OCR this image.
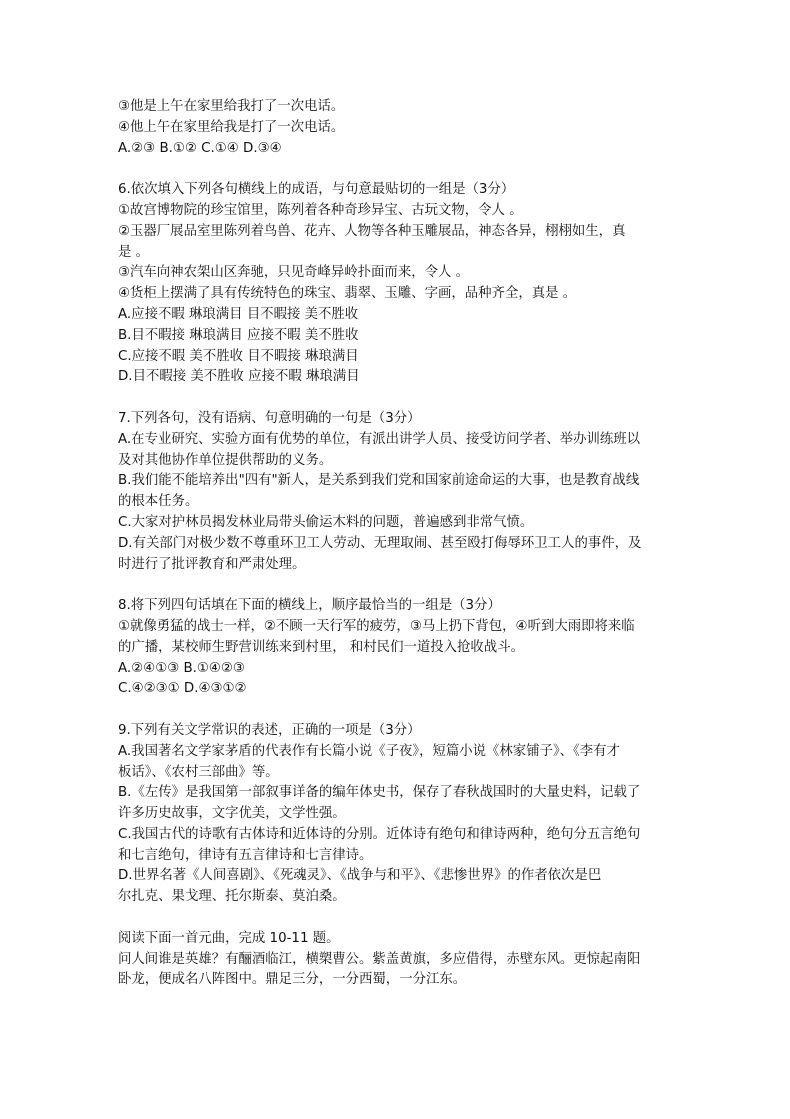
③他是上午在家里给我打了一次电话。
④他上午在家里给我是打了一次电话。
A.②③ B.①② C.①④ D.③④
6.依次填入下列各句横线上的成语，与句意最贴切的一组是（3分）
①故宫博物院的珍宝馆里，陈列着各种奇珍异宝、古玩文物，令人 。
②玉器厂展品室里陈列着鸟兽、花卉、人物等各种玉雕展品，神态各异，栩栩如生，真
是 。
③汽车向神农架山区奔驰，只见奇峰异岭扑面而来，令人 。
④货柜上摆满了具有传统特色的珠宝、翡翠、玉雕、字画，品种齐全，真是 。
A.应接不暇 琳琅满目 目不暇接 美不胜收
B.目不暇接 琳琅满目 应接不暇 美不胜收
C.应接不暇 美不胜收 目不暇接 琳琅满目
D.目不暇接 美不胜收 应接不暇 琳琅满目
7.下列各句，没有语病、句意明确的一句是（3分）
A.在专业研究、实验方面有优势的单位，有派出讲学人员、接受访问学者、举办训练班以
及对其他协作单位提供帮助的义务。
B.我们能不能培养出"四有"新人，是关系到我们党和国家前途命运的大事，也是教育战线
的根本任务。
C.大家对护林员揭发林业局带头偷运木料的问题，普遍感到非常气愤。
D.有关部门对极少数不尊重环卫工人劳动、无理取闹、甚至殴打侮辱环卫工人的事件，及
时进行了批评教育和严肃处理。
8.将下列四句话填在下面的横线上，顺序最恰当的一组是（3分）
①就像勇猛的战士一样，②不顾一天行军的疲劳，③马上扔下背包，④听到大雨即将来临
的广播，某校师生野营训练来到村里， 和村民们一道投入抢收战斗。
A.②④①③ B.①④②③
C.④②③① D.④③①②
9.下列有关文学常识的表述，正确的一项是（3分）
A.我国著名文学家茅盾的代表作有长篇小说《子夜》，短篇小说《林家铺子》、《李有才
板话》、《农村三部曲》等。
B.《左传》是我国第一部叙事详备的编年体史书，保存了春秋战国时的大量史料，记载了
许多历史故事，文字优美，文学性强。
C.我国古代的诗歌有古体诗和近体诗的分别。近体诗有绝句和律诗两种，绝句分五言绝句
和七言绝句，律诗有五言律诗和七言律诗。
D.世界名著《人间喜剧》、《死魂灵》、《战争与和平》、《悲惨世界》的作者依次是巴
尔扎克、果戈理、托尔斯泰、莫泊桑。
阅读下面一首元曲，完成 10-11 题。
问人间谁是英雄？有酾酒临江，横槊曹公。紫盖黄旗，多应借得，赤壁东风。更惊起南阳
卧龙，便成名八阵图中。鼎足三分，一分西蜀，一分江东。
